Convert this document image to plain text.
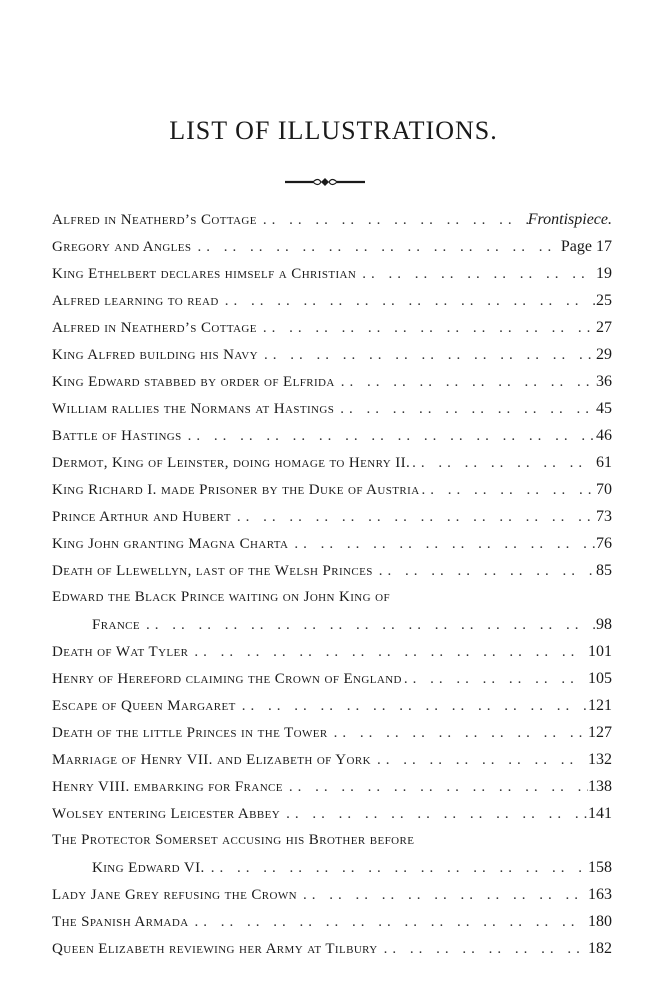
LIST OF ILLUSTRATIONS.
Alfred in Neatherd’s Cottage .. ..	Frontispiece.
Gregory and Angles .. ..	Page 17
King Ethelbert declares himself a Christian .. ..	19
Alfred learning to read .. ..	25
Alfred in Neatherd’s Cottage .. ..	27
King Alfred building his Navy .. ..	29
King Edward stabbed by order of Elfrida .. ..	36
William rallies the Normans at Hastings .. ..	45
Battle of Hastings .. ..	46
Dermot, King of Leinster, doing homage to Henry II. .. ..	61
King Richard I. made Prisoner by the Duke of Austria .. ..	70
Prince Arthur and Hubert .. ..	73
King John granting Magna Charta .. ..	76
Death of Llewellyn, last of the Welsh Princes .. ..	85
Edward the Black Prince waiting on John King of
France .. ..	98
Death of Wat Tyler .. ..	101
Henry of Hereford claiming the Crown of England .. ..	105
Escape of Queen Margaret .. ..	121
Death of the little Princes in the Tower .. ..	127
Marriage of Henry VII. and Elizabeth of York .. ..	132
Henry VIII. embarking for France .. ..	138
Wolsey entering Leicester Abbey .. ..	141
The Protector Somerset accusing his Brother before
King Edward VI. .. ..	158
Lady Jane Grey refusing the Crown .. ..	163
The Spanish Armada .. ..	180
Queen Elizabeth reviewing her Army at Tilbury .. ..	182
